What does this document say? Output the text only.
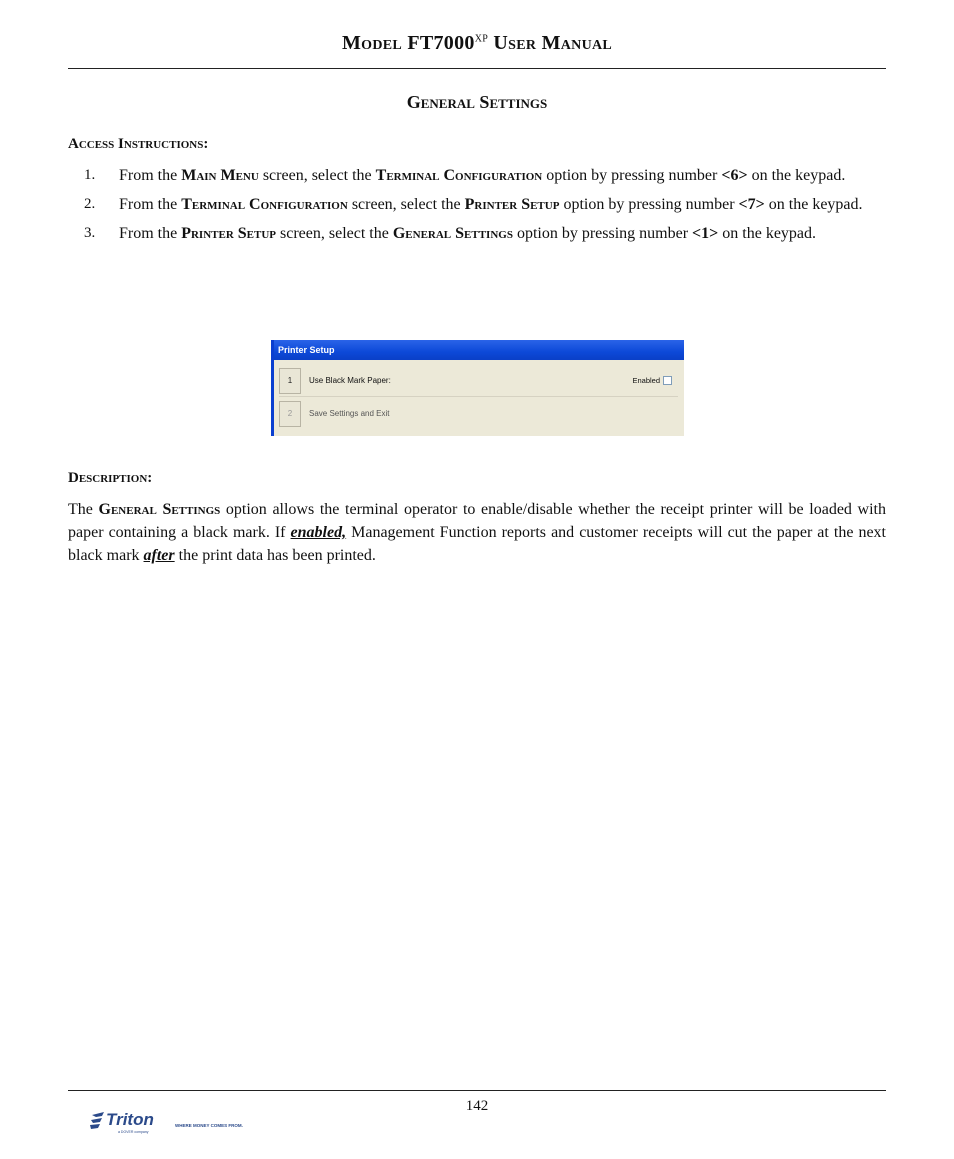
Model $FT7000^{XP}$ User Manual
General Settings
Access Instructions:
1.	From the Main Menu screen, select the Terminal Configuration option by pressing number <6> on the keypad.
2.	From the Terminal Configuration screen, select the Printer Setup option by pressing number <7> on the keypad.
3.	From the Printer Setup screen, select the General Settings option by pressing number <1> on the keypad.
Printer Setup
1	Use Black Mark Paper:	Enabled
2	Save Settings and Exit
Description:
The General Settings option allows the terminal operator to enable/disable whether the receipt printer will be loaded with paper containing a black mark. If enabled, Management Function reports and customer receipts will cut the paper at the next black mark after the print data has been printed.
142
Triton	WHERE MONEY COMES FROM.
a DOVER company
